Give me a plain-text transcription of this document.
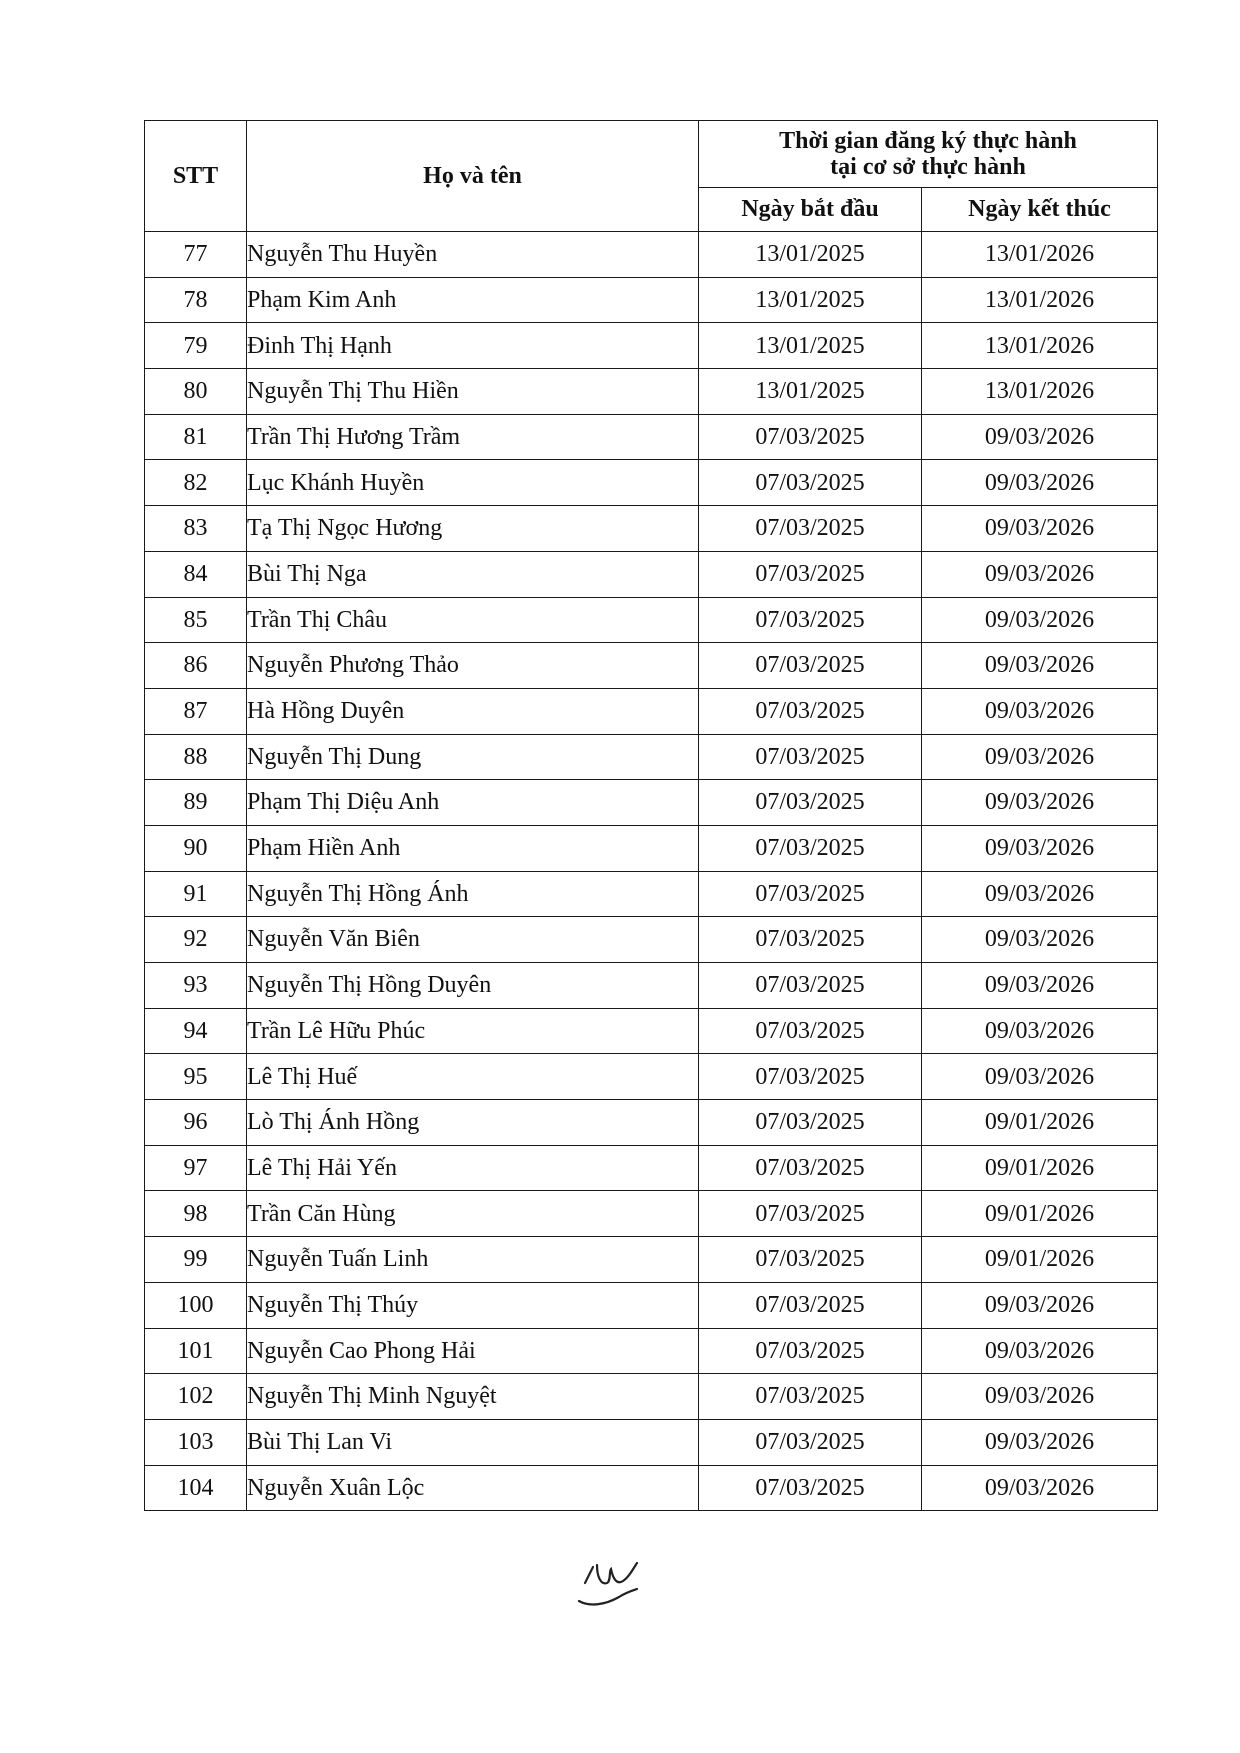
STT	Họ và tên	Thời gian đăng ký thực hành
tại cơ sở thực hành	

		Ngày bắt đầu	Ngày kết thúc
77	Nguyễn Thu Huyền	13/01/2025	13/01/2026
78	Phạm Kim Anh	13/01/2025	13/01/2026
79	Đinh Thị Hạnh	13/01/2025	13/01/2026
80	Nguyễn Thị Thu Hiền	13/01/2025	13/01/2026
81	Trần Thị Hương Trầm	07/03/2025	09/03/2026
82	Lục Khánh Huyền	07/03/2025	09/03/2026
83	Tạ Thị Ngọc Hương	07/03/2025	09/03/2026
84	Bùi Thị Nga	07/03/2025	09/03/2026
85	Trần Thị Châu	07/03/2025	09/03/2026
86	Nguyễn Phương Thảo	07/03/2025	09/03/2026
87	Hà Hồng Duyên	07/03/2025	09/03/2026
88	Nguyễn Thị Dung	07/03/2025	09/03/2026
89	Phạm Thị Diệu Anh	07/03/2025	09/03/2026
90	Phạm Hiền Anh	07/03/2025	09/03/2026
91	Nguyễn Thị Hồng Ánh	07/03/2025	09/03/2026
92	Nguyễn Văn Biên	07/03/2025	09/03/2026
93	Nguyễn Thị Hồng Duyên	07/03/2025	09/03/2026
94	Trần Lê Hữu Phúc	07/03/2025	09/03/2026
95	Lê Thị Huế	07/03/2025	09/03/2026
96	Lò Thị Ánh Hồng	07/03/2025	09/01/2026
97	Lê Thị Hải Yến	07/03/2025	09/01/2026
98	Trần Căn Hùng	07/03/2025	09/01/2026
99	Nguyễn Tuấn Linh	07/03/2025	09/01/2026
100	Nguyễn Thị Thúy	07/03/2025	09/03/2026
101	Nguyễn Cao Phong Hải	07/03/2025	09/03/2026
102	Nguyễn Thị Minh Nguyệt	07/03/2025	09/03/2026
103	Bùi Thị Lan Vi	07/03/2025	09/03/2026
104	Nguyễn Xuân Lộc	07/03/2025	09/03/2026
